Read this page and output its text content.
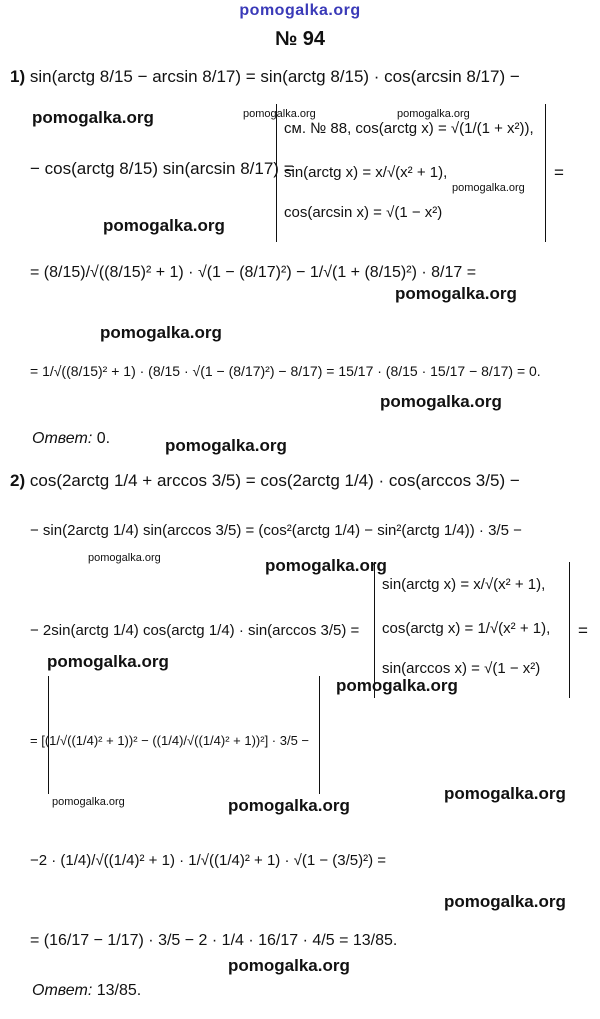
pomogalka.org
№ 94
1) sin(arctg 8/15 − arcsin 8/17) = sin(arctg 8/15) · cos(arcsin 8/17) −
pomogalka.org	pomogalka.org	pomogalka.org
− cos(arctg 8/15) sin(arcsin 8/17) =
см. № 88, cos(arctg x) = √(1/(1 + x²)),
sin(arctg x) = x/√(x² + 1),
cos(arcsin x) = √(1 − x²)
pomogalka.org
=
pomogalka.org
= (8/15)/√((8/15)² + 1) · √(1 − (8/17)²) − 1/√(1 + (8/15)²) · 8/17 =
pomogalka.org
pomogalka.org
= 1/√((8/15)² + 1) · (8/15 · √(1 − (8/17)²) − 8/17) = 15/17 · (8/15 · 15/17 − 8/17) = 0.
pomogalka.org
Ответ: 0.	pomogalka.org
2) cos(2arctg 1/4 + arccos 3/5) = cos(2arctg 1/4) · cos(arccos 3/5) −
− sin(2arctg 1/4) sin(arccos 3/5) = (cos²(arctg 1/4) − sin²(arctg 1/4)) · 3/5 −
pomogalka.org	pomogalka.org
sin(arctg x) = x/√(x² + 1),
cos(arctg x) = 1/√(x² + 1),
sin(arccos x) = √(1 − x²)
=
− 2sin(arctg 1/4) cos(arctg 1/4) · sin(arccos 3/5) =
pomogalka.org
pomogalka.org
= [(1/√((1/4)² + 1))² − ((1/4)/√((1/4)² + 1))²] · 3/5 −
pomogalka.org	pomogalka.org
pomogalka.org
−2 · (1/4)/√((1/4)² + 1) · 1/√((1/4)² + 1) · √(1 − (3/5)²) =
pomogalka.org
= (16/17 − 1/17) · 3/5 − 2 · 1/4 · 16/17 · 4/5 = 13/85.
pomogalka.org
Ответ: 13/85.
